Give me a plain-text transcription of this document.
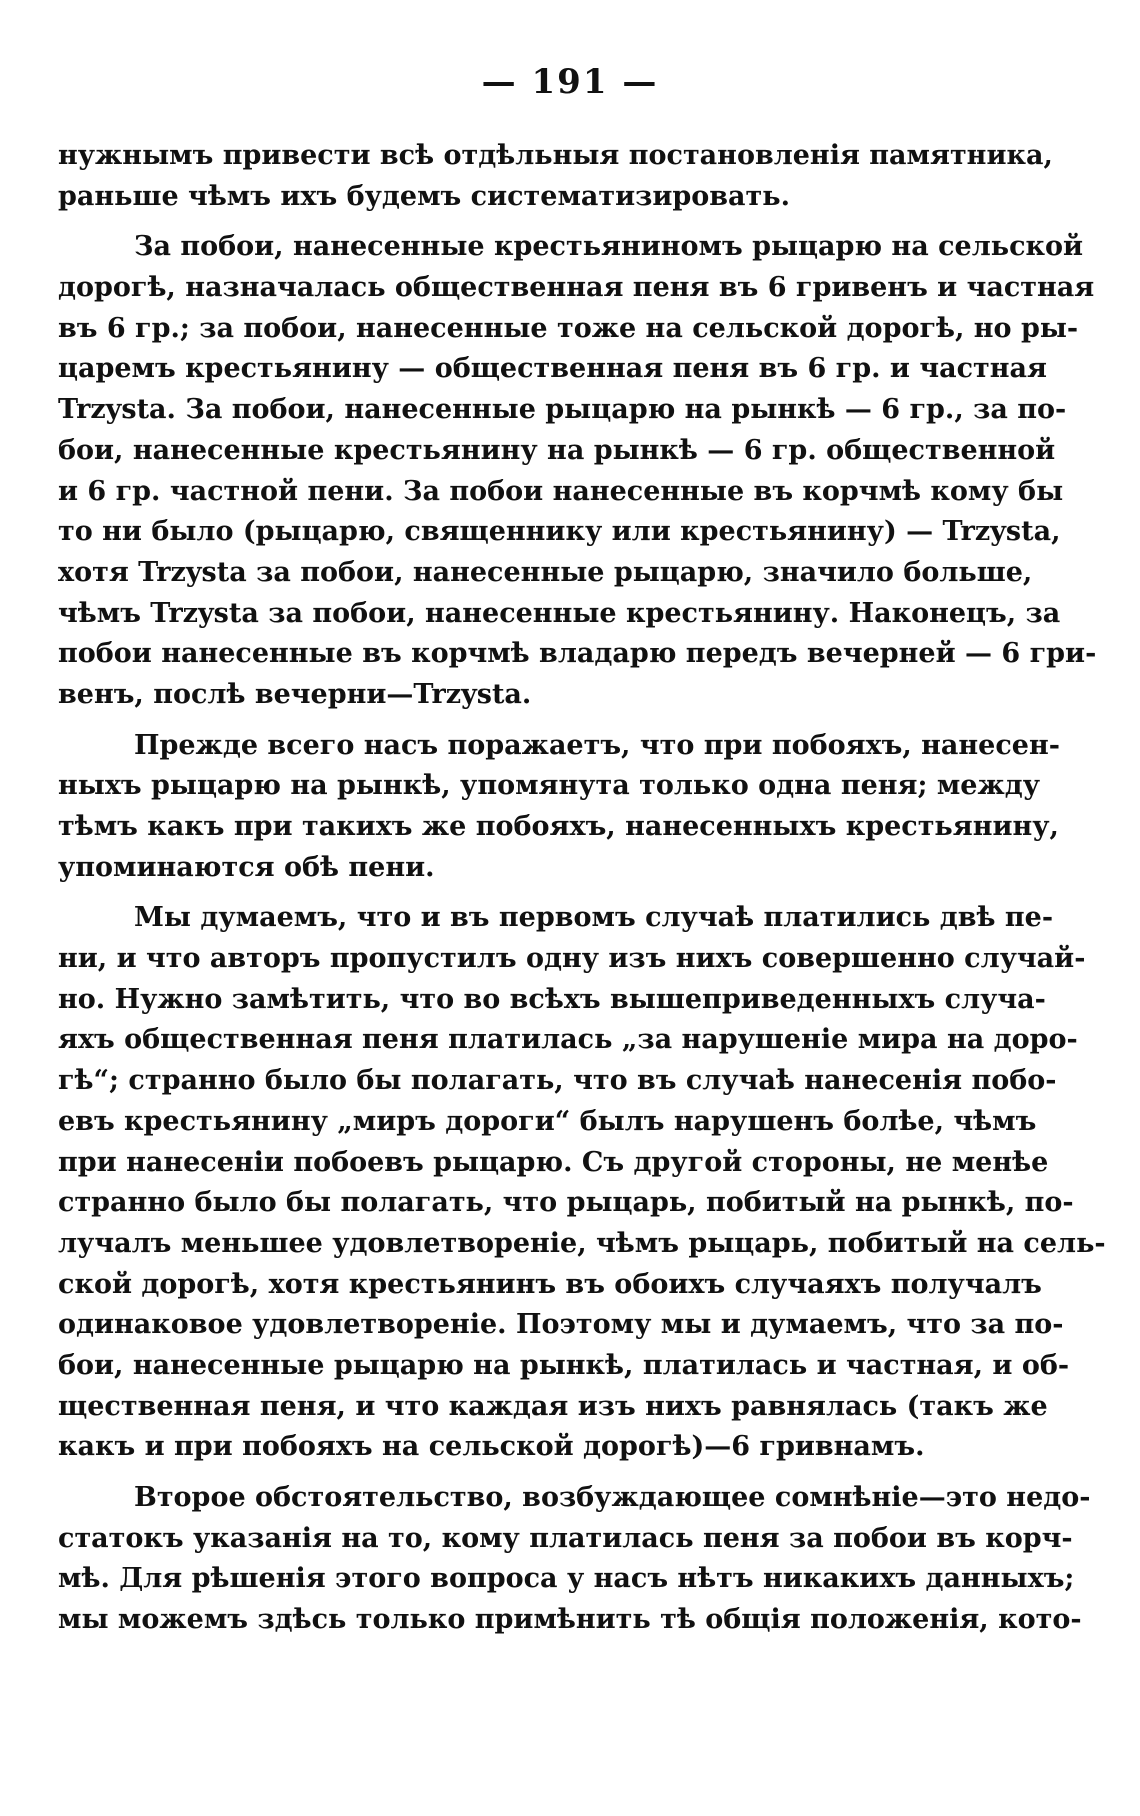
— 191 —
нужнымъ привести всѣ отдѣльныя постановленія памятника,
раньше чѣмъ ихъ будемъ систематизировать.
За побои, нанесенные крестьяниномъ рыцарю на сельской
дорогѣ, назначалась общественная пеня въ 6 гривенъ и частная
въ 6 гр.; за побои, нанесенные тоже на сельской дорогѣ, но ры-
царемъ крестьянину — общественная пеня въ 6 гр. и частная
Trzysta. За побои, нанесенные рыцарю на рынкѣ — 6 гр., за по-
бои, нанесенные крестьянину на рынкѣ — 6 гр. общественной
и 6 гр. частной пени. За побои нанесенные въ корчмѣ кому бы
то ни было (рыцарю, священнику или крестьянину) — Trzysta,
хотя Trzysta за побои, нанесенные рыцарю, значило больше,
чѣмъ Trzysta за побои, нанесенные крестьянину. Наконецъ, за
побои нанесенные въ корчмѣ владарю передъ вечерней — 6 гри-
венъ, послѣ вечерни—Trzysta.
Прежде всего насъ поражаетъ, что при побояхъ, нанесен-
ныхъ рыцарю на рынкѣ, упомянута только одна пеня; между
тѣмъ какъ при такихъ же побояхъ, нанесенныхъ крестьянину,
упоминаются обѣ пени.
Мы думаемъ, что и въ первомъ случаѣ платились двѣ пе-
ни, и что авторъ пропустилъ одну изъ нихъ совершенно случай-
но. Нужно замѣтить, что во всѣхъ вышеприведенныхъ случа-
яхъ общественная пеня платилась „за нарушеніе мира на доро-
гѣ“; странно было бы полагать, что въ случаѣ нанесенія побо-
евъ крестьянину „миръ дороги“ былъ нарушенъ болѣе, чѣмъ
при нанесеніи побоевъ рыцарю. Съ другой стороны, не менѣе
странно было бы полагать, что рыцарь, побитый на рынкѣ, по-
лучалъ меньшее удовлетвореніе, чѣмъ рыцарь, побитый на сель-
ской дорогѣ, хотя крестьянинъ въ обоихъ случаяхъ получалъ
одинаковое удовлетвореніе. Поэтому мы и думаемъ, что за по-
бои, нанесенные рыцарю на рынкѣ, платилась и частная, и об-
щественная пеня, и что каждая изъ нихъ равнялась (такъ же
какъ и при побояхъ на сельской дорогѣ)—6 гривнамъ.
Второе обстоятельство, возбуждающее сомнѣніе—это недо-
статокъ указанія на то, кому платилась пеня за побои въ корч-
мѣ. Для рѣшенія этого вопроса у насъ нѣтъ никакихъ данныхъ;
мы можемъ здѣсь только примѣнить тѣ общія положенія, кото-
